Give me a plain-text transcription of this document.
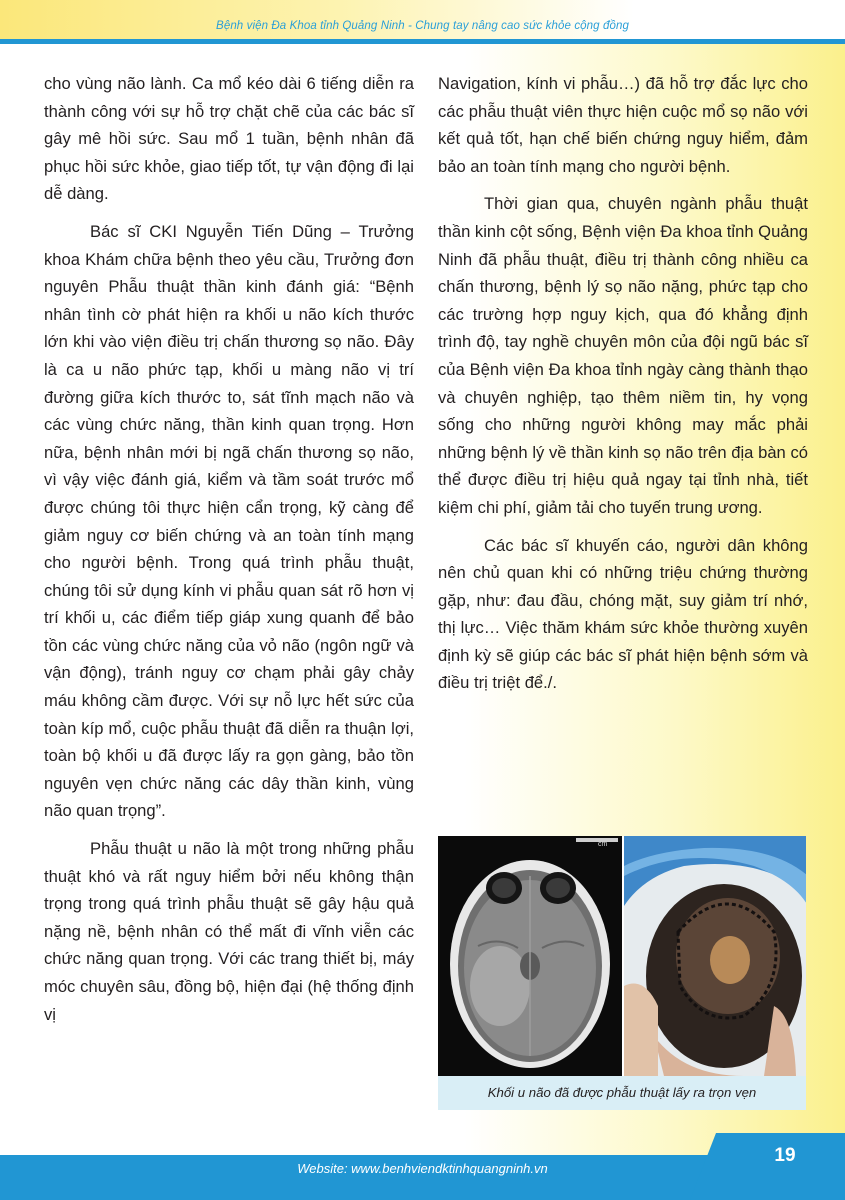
Bệnh viện Đa Khoa tỉnh Quảng Ninh - Chung tay nâng cao sức khỏe cộng đồng

cho vùng não lành. Ca mổ kéo dài 6 tiếng diễn ra thành công với sự hỗ trợ chặt chẽ của các bác sĩ gây mê hồi sức. Sau mổ 1 tuần, bệnh nhân đã phục hồi sức khỏe, giao tiếp tốt, tự vận động đi lại dễ dàng.

Bác sĩ CKI Nguyễn Tiến Dũng – Trưởng khoa Khám chữa bệnh theo yêu cầu, Trưởng đơn nguyên Phẫu thuật thần kinh đánh giá: “Bệnh nhân tình cờ phát hiện ra khối u não kích thước lớn khi vào viện điều trị chấn thương sọ não. Đây là ca u não phức tạp, khối u màng não vị trí đường giữa kích thước to, sát tĩnh mạch não và các vùng chức năng, thần kinh quan trọng. Hơn nữa, bệnh nhân mới bị ngã chấn thương sọ não, vì vậy việc đánh giá, kiểm và tầm soát trước mổ được chúng tôi thực hiện cẩn trọng, kỹ càng để giảm nguy cơ biến chứng và an toàn tính mạng cho người bệnh. Trong quá trình phẫu thuật, chúng tôi sử dụng kính vi phẫu quan sát rõ hơn vị trí khối u, các điểm tiếp giáp xung quanh để bảo tồn các vùng chức năng của vỏ não (ngôn ngữ và vận động), tránh nguy cơ chạm phải gây chảy máu không cầm được. Với sự nỗ lực hết sức của toàn kíp mổ, cuộc phẫu thuật đã diễn ra thuận lợi, toàn bộ khối u đã được lấy ra gọn gàng, bảo tồn nguyên vẹn chức năng các dây thần kinh, vùng não quan trọng”.

Phẫu thuật u não là một trong những phẫu thuật khó và rất nguy hiểm bởi nếu không thận trọng trong quá trình phẫu thuật sẽ gây hậu quả nặng nề, bệnh nhân có thể mất đi vĩnh viễn các chức năng quan trọng. Với các trang thiết bị, máy móc chuyên sâu, đồng bộ, hiện đại (hệ thống định vị

Navigation, kính vi phẫu…) đã hỗ trợ đắc lực cho các phẫu thuật viên thực hiện cuộc mổ sọ não với kết quả tốt, hạn chế biến chứng nguy hiểm, đảm bảo an toàn tính mạng cho người bệnh.

Thời gian qua, chuyên ngành phẫu thuật thần kinh cột sống, Bệnh viện Đa khoa tỉnh Quảng Ninh đã phẫu thuật, điều trị thành công nhiều ca chấn thương, bệnh lý sọ não nặng, phức tạp cho các trường hợp nguy kịch, qua đó khẳng định trình độ, tay nghề chuyên môn của đội ngũ bác sĩ của Bệnh viện Đa khoa tỉnh ngày càng thành thạo và chuyên nghiệp, tạo thêm niềm tin, hy vọng sống cho những người không may mắc phải những bệnh lý về thần kinh sọ não trên địa bàn có thể được điều trị hiệu quả ngay tại tỉnh nhà, tiết kiệm chi phí, giảm tải cho tuyến trung ương.

Các bác sĩ khuyến cáo, người dân không nên chủ quan khi có những triệu chứng thường gặp, như: đau đầu, chóng mặt, suy giảm trí nhớ, thị lực… Việc thăm khám sức khỏe thường xuyên định kỳ sẽ giúp các bác sĩ phát hiện bệnh sớm và điều trị triệt để./.

cm
Khối u não đã được phẫu thuật lấy ra trọn vẹn
19
Website: www.benhviendktinhquangninh.vn
